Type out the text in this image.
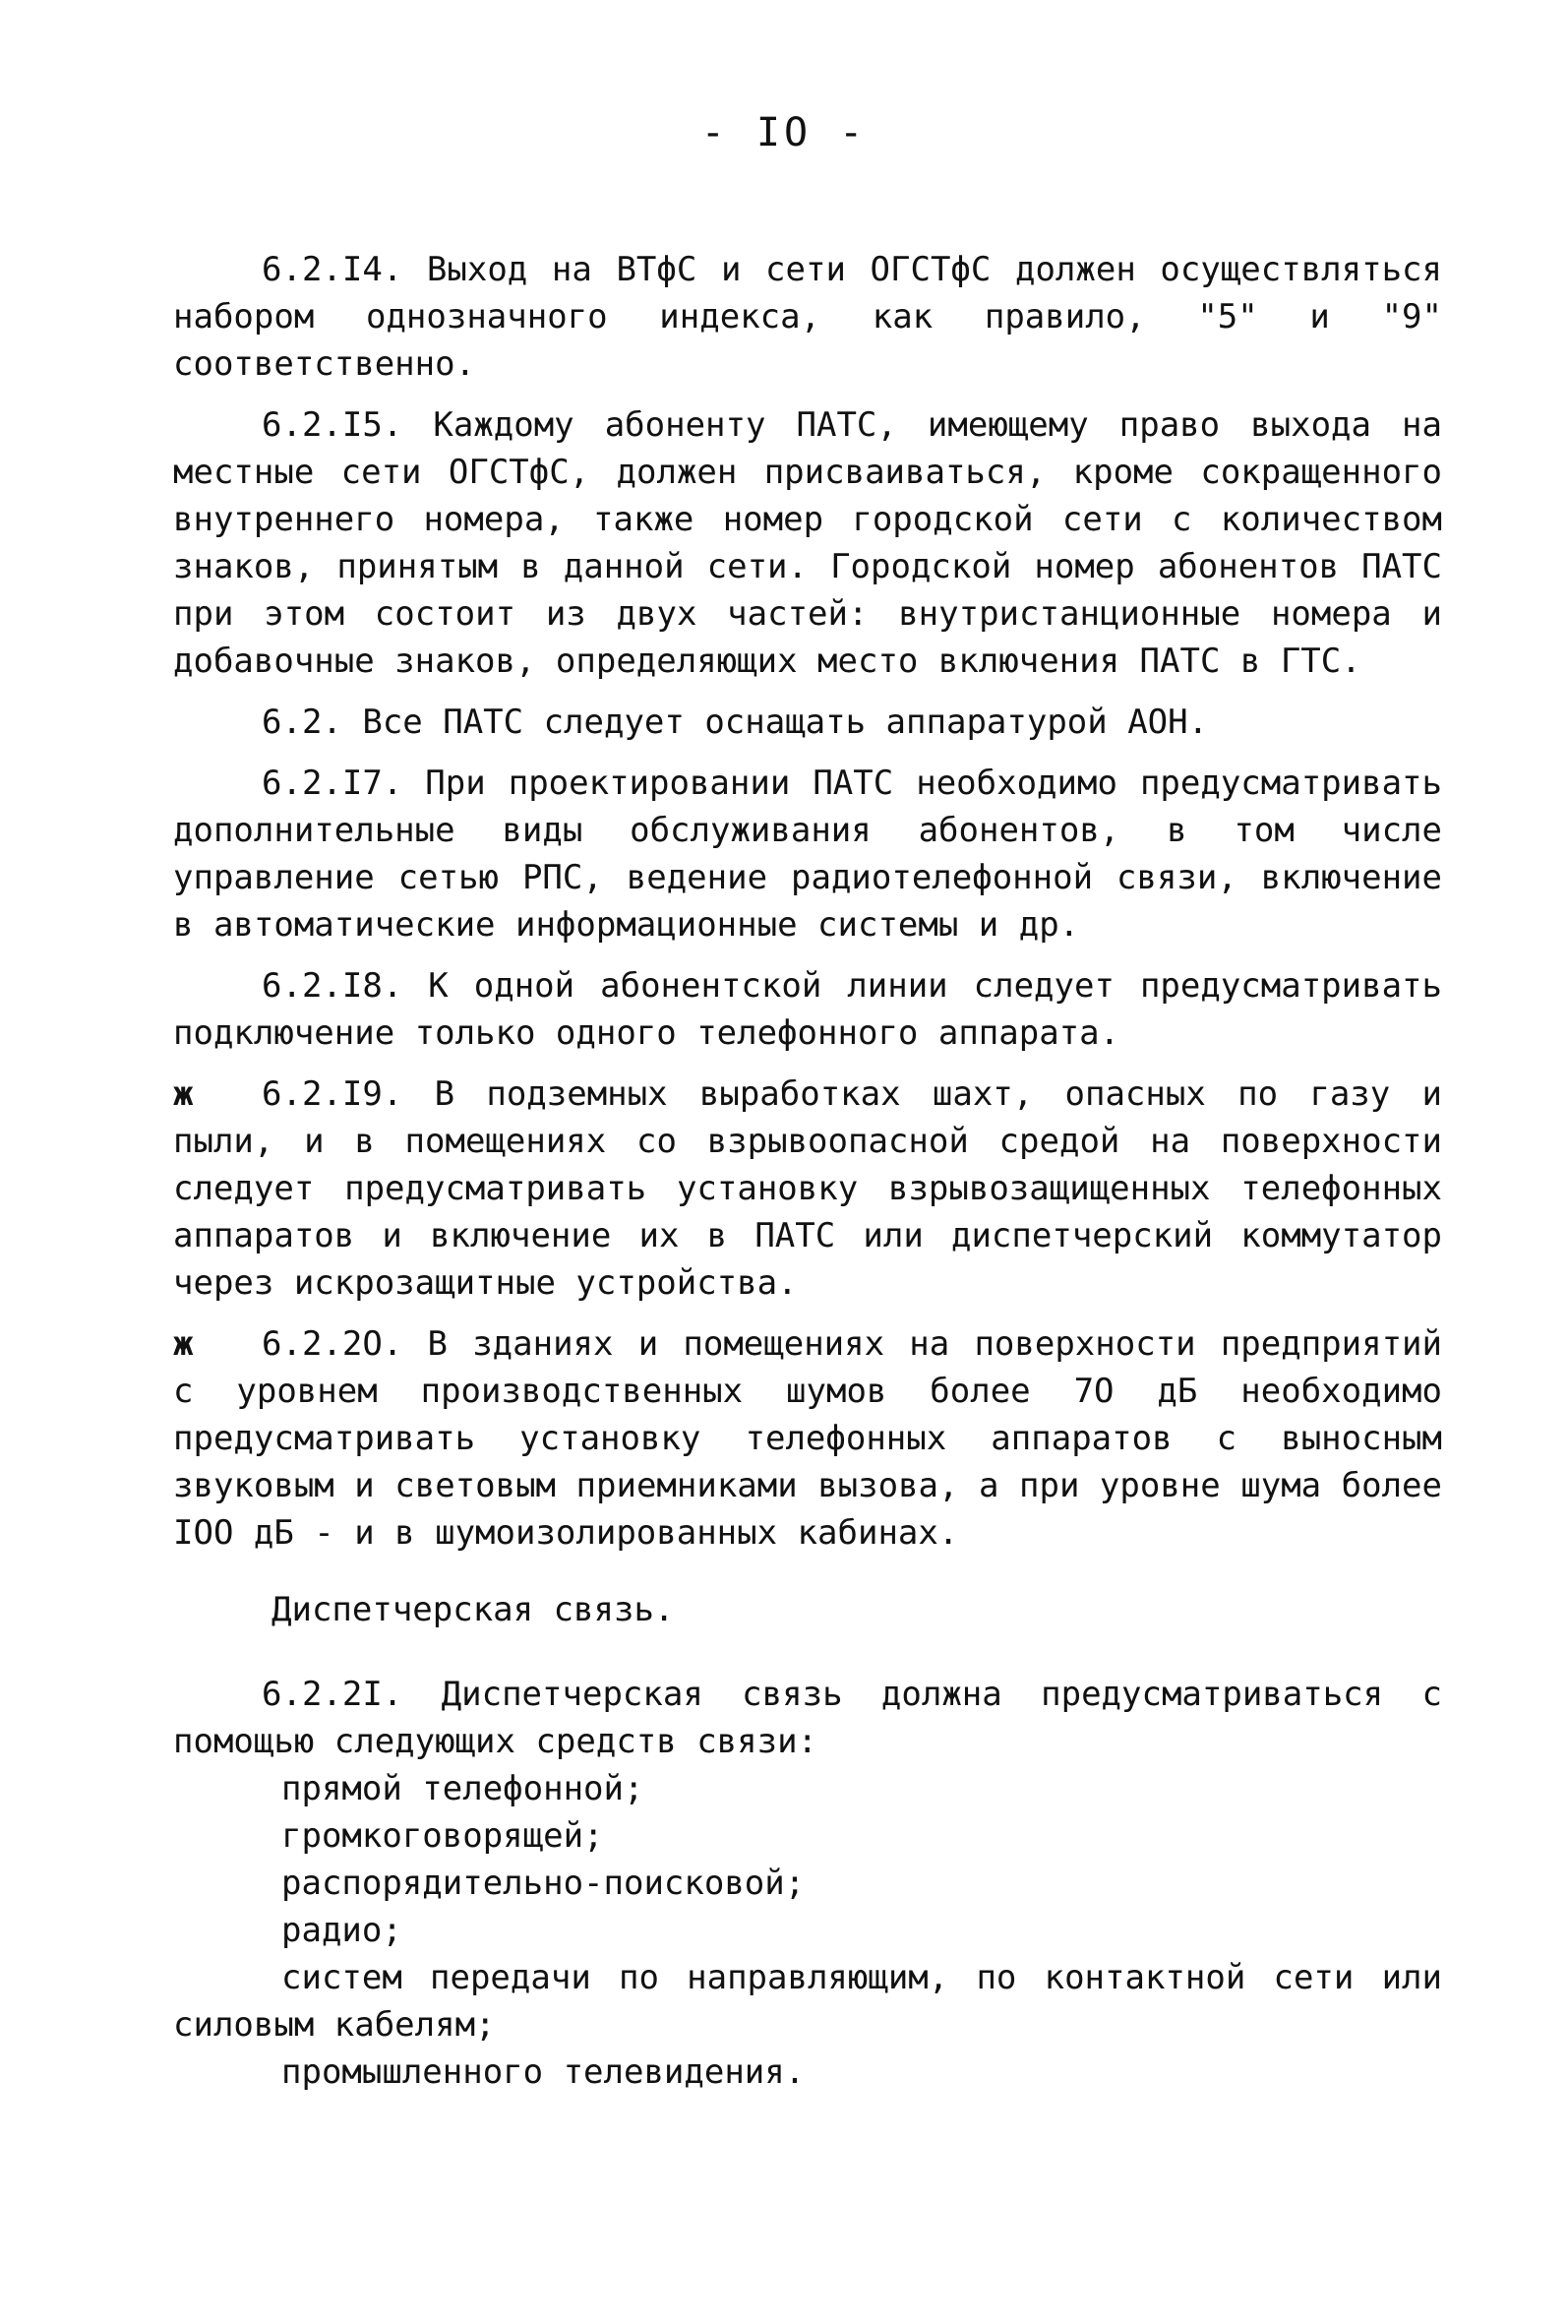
- IO -

6.2.I4. Выход на ВТфС и сети ОГСТфС должен осуществляться набором однозначного индекса, как правило, "5" и "9" соответственно.

6.2.I5. Каждому абоненту ПАТС, имеющему право выхода на местные сети ОГСТфС, должен присваиваться, кроме сокращенного внутреннего номера, также номер городской сети с количеством знаков, принятым в данной сети. Городской номер абонентов ПАТС при этом состоит из двух частей: внутристанционные номера и добавочные знаков, определяющих место включения ПАТС в ГТС.

6.2. Все ПАТС следует оснащать аппаратурой АОН.

6.2.I7. При проектировании ПАТС необходимо предусматривать дополнительные виды обслуживания абонентов, в том числе управление сетью РПС, ведение радиотелефонной связи, включение в автоматические информационные системы и др.

6.2.I8. К одной абонентской линии следует предусматривать подключение только одного телефонного аппарата.

ж 6.2.I9. В подземных выработках шахт, опасных по газу и пыли, и в помещениях со взрывоопасной средой на поверхности следует предусматривать установку взрывозащищенных телефонных аппаратов и включение их в ПАТС или диспетчерский коммутатор через искрозащитные устройства.
ж 6.2.2О. В зданиях и помещениях на поверхности предприятий с уровнем производственных шумов более 7О дБ необходимо предусматривать установку телефонных аппаратов с выносным звуковым и световым приемниками вызова, а при уровне шума более IОО дБ - и в шумоизолированных кабинах.

Диспетчерская связь.

6.2.2I. Диспетчерская связь должна предусматриваться с помощью следующих средств связи:

прямой телефонной;
громкоговорящей;
распорядительно-поисковой;
радио;
систем передачи по направляющим, по контактной сети или силовым кабелям;
промышленного телевидения.
